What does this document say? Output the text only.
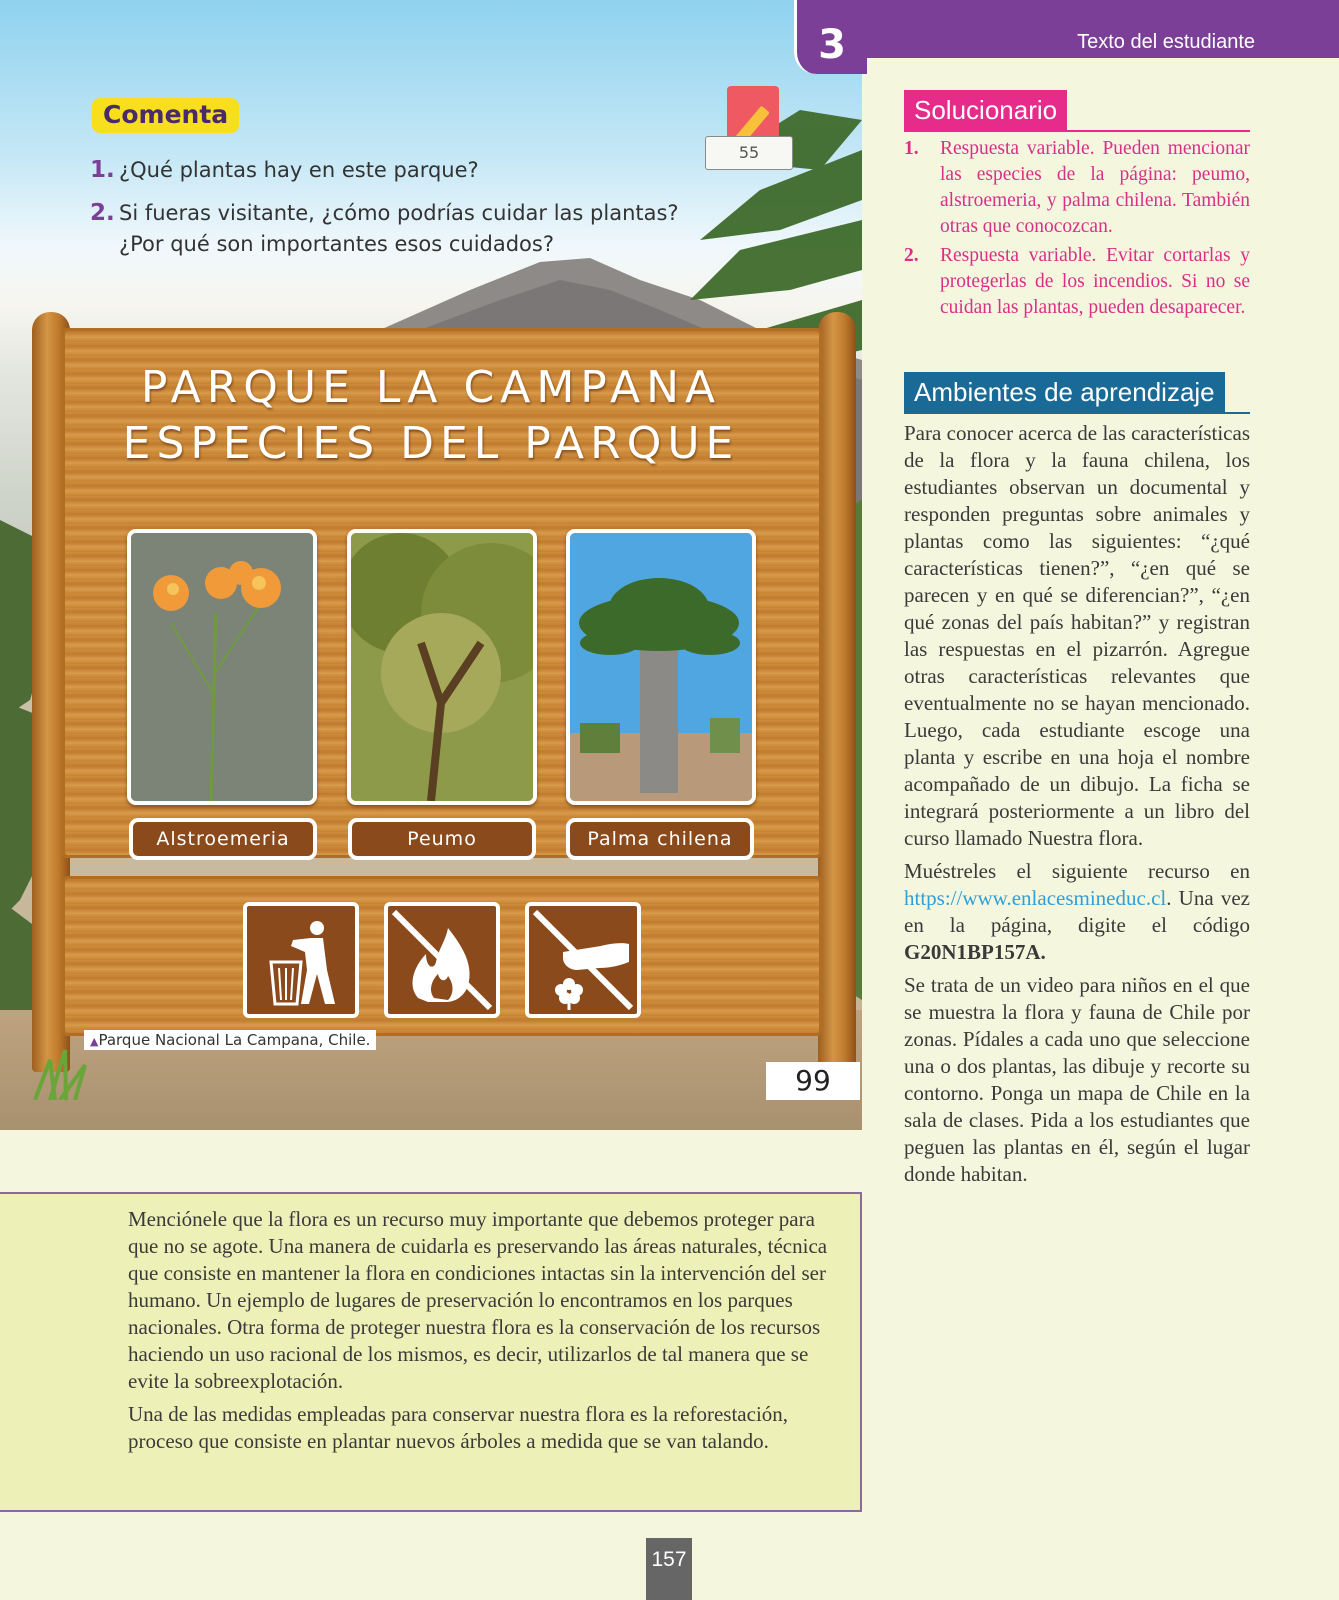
Comenta
1. ¿Qué plantas hay en este parque?
2. Si fueras visitante, ¿cómo podrías cuidar las plantas? ¿Por qué son importantes esos cuidados?
55
PARQUE LA CAMPANA
ESPECIES DEL PARQUE
Alstroemeria	Peumo	Palma chilena
▲Parque Nacional La Campana, Chile.
99
Texto del estudiante
3
Solucionario
1. Respuesta variable. Pueden mencionar las especies de la página: peumo, alstroemeria, y palma chilena. También otras que conocozcan.
2. Respuesta variable. Evitar cortarlas y protegerlas de los incendios. Si no se cuidan las plantas, pueden desaparecer.
Ambientes de aprendizaje

Para conocer acerca de las características de la flora y la fauna chilena, los estudiantes observan un documental y responden preguntas sobre animales y plantas como las siguientes: “¿qué características tienen?”, “¿en qué se parecen y en qué se diferencian?”, “¿en qué zonas del país habitan?” y registran las respuestas en el pizarrón. Agregue otras características relevantes que eventualmente no se hayan mencionado. Luego, cada estudiante escoge una planta y escribe en una hoja el nombre acompañado de un dibujo. La ficha se integrará posteriormente a un libro del curso llamado Nuestra flora.

Muéstreles el siguiente recurso en https://www.enlacesmineduc.cl. Una vez en la página, digite el código G20N1BP157A.

Se trata de un video para niños en el que se muestra la flora y fauna de Chile por zonas. Pídales a cada uno que seleccione una o dos plantas, las dibuje y recorte su contorno. Ponga un mapa de Chile en la sala de clases. Pida a los estudiantes que peguen las plantas en él, según el lugar donde habitan.

Menciónele que la flora es un recurso muy importante que debemos proteger para que no se agote. Una manera de cuidarla es preservando las áreas naturales, técnica que consiste en mantener la flora en condiciones intactas sin la intervención del ser humano. Un ejemplo de lugares de preservación lo encontramos en los parques nacionales. Otra forma de proteger nuestra flora es la conservación de los recursos haciendo un uso racional de los mismos, es decir, utilizarlos de tal manera que se evite la sobreexplotación.

Una de las medidas empleadas para conservar nuestra flora es la reforestación, proceso que consiste en plantar nuevos árboles a medida que se van talando.

157
